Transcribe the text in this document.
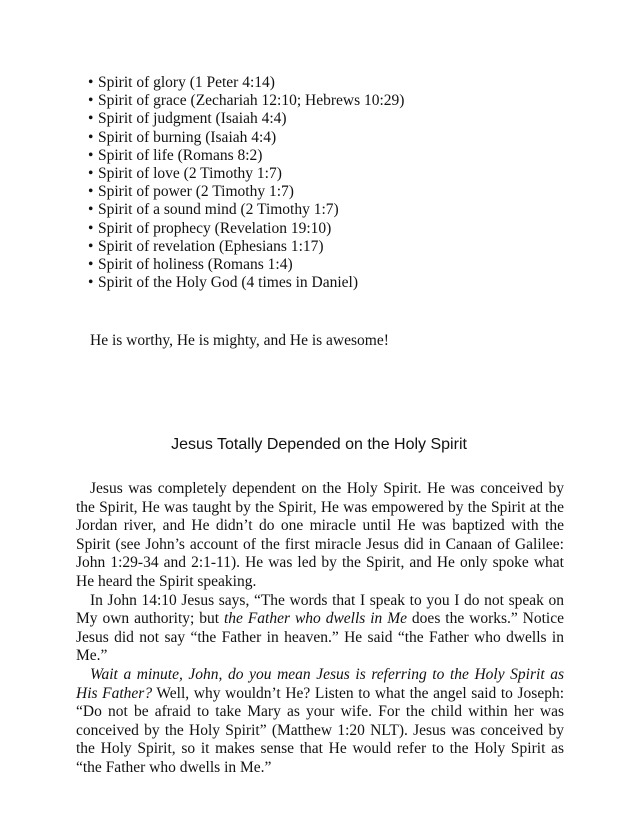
• Spirit of glory (1 Peter 4:14)
• Spirit of grace (Zechariah 12:10; Hebrews 10:29)
• Spirit of judgment (Isaiah 4:4)
• Spirit of burning (Isaiah 4:4)
• Spirit of life (Romans 8:2)
• Spirit of love (2 Timothy 1:7)
• Spirit of power (2 Timothy 1:7)
• Spirit of a sound mind (2 Timothy 1:7)
• Spirit of prophecy (Revelation 19:10)
• Spirit of revelation (Ephesians 1:17)
• Spirit of holiness (Romans 1:4)
• Spirit of the Holy God (4 times in Daniel)

He is worthy, He is mighty, and He is awesome!

Jesus Totally Depended on the Holy Spirit

Jesus was completely dependent on the Holy Spirit. He was conceived by the Spirit, He was taught by the Spirit, He was empowered by the Spirit at the Jordan river, and He didn’t do one miracle until He was baptized with the Spirit (see John’s account of the first miracle Jesus did in Canaan of Galilee: John 1:29-34 and 2:1-11). He was led by the Spirit, and He only spoke what He heard the Spirit speaking.

In John 14:10 Jesus says, “The words that I speak to you I do not speak on My own authority; but the Father who dwells in Me does the works.” Notice Jesus did not say “the Father in heaven.” He said “the Father who dwells in Me.”

Wait a minute, John, do you mean Jesus is referring to the Holy Spirit as His Father? Well, why wouldn’t He? Listen to what the angel said to Joseph: “Do not be afraid to take Mary as your wife. For the child within her was conceived by the Holy Spirit” (Matthew 1:20 NLT). Jesus was conceived by the Holy Spirit, so it makes sense that He would refer to the Holy Spirit as “the Father who dwells in Me.”
